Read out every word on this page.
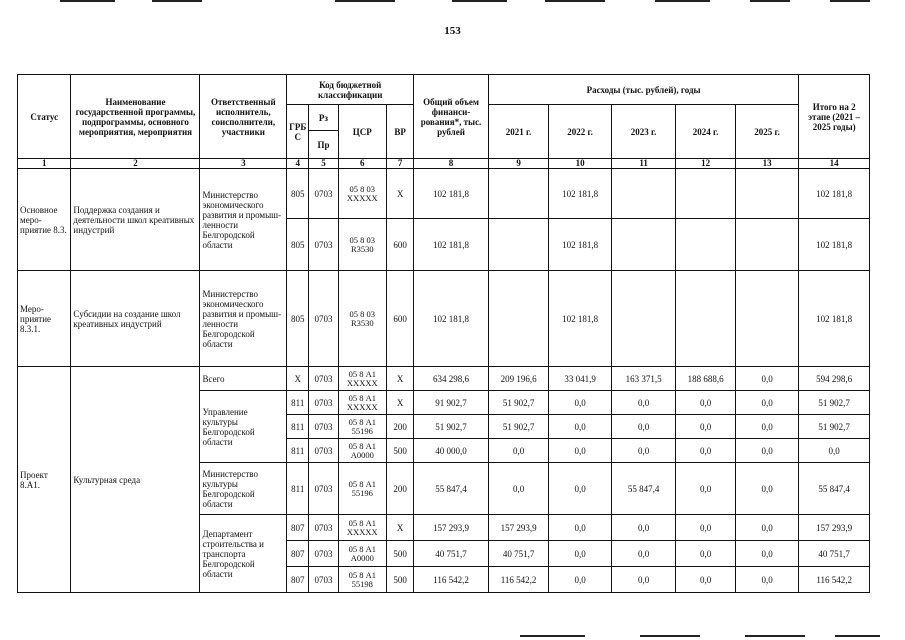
153
Статус	Наименование государственной программы, подпрограммы, основного мероприятия, мероприятия	Ответственный исполнитель, соисполнители, участники	Код бюджетной классификации				Общий объем финанси- рования*, тыс. рублей	Расходы (тыс. рублей), годы					Итого на 2 этапе (2021 – 2025 годы)
			ГРБ С	Рз	ЦСР	ВР		2021 г.	2022 г.	2023 г.	2024 г.	2025 г.	
				Пр									
1	2	3	4	5	6	7	8	9	10	11	12	13	14
Основное меро- приятие 8.3.	Поддержка создания и деятельности школ креативных индустрий	Министерство экономического развития и промыш- ленности Белгородской области	805	0703	05 8 03 XXXXX	X	102 181,8		102 181,8				102 181,8
			805	0703	05 8 03 R3530	600	102 181,8		102 181,8				102 181,8
Меро- приятие 8.3.1.	Субсидии на создание школ креативных индустрий	Министерство экономического развития и промыш- ленности Белгородской области	805	0703	05 8 03 R3530	600	102 181,8		102 181,8				102 181,8
Проект 8.А1.	Культурная среда	Всего	X	0703	05 8 А1 XXXXX	X	634 298,6	209 196,6	33 041,9	163 371,5	188 688,6	0,0	594 298,6
		Управление культуры Белгородской области	811	0703	05 8 А1 XXXXX	X	91 902,7	51 902,7	0,0	0,0	0,0	0,0	51 902,7
			811	0703	05 8 А1 55196	200	51 902,7	51 902,7	0,0	0,0	0,0	0,0	51 902,7
			811	0703	05 8 А1 А0000	500	40 000,0	0,0	0,0	0,0	0,0	0,0	0,0
		Министерство культуры Белгородской области	811	0703	05 8 А1 55196	200	55 847,4	0,0	0,0	55 847,4	0,0	0,0	55 847,4
		Департамент строительства и транспорта Белгородской области	807	0703	05 8 А1 XXXXX	X	157 293,9	157 293,9	0,0	0,0	0,0	0,0	157 293,9
			807	0703	05 8 А1 А0000	500	40 751,7	40 751,7	0,0	0,0	0,0	0,0	40 751,7
			807	0703	05 8 А1 55198	500	116 542,2	116 542,2	0,0	0,0	0,0	0,0	116 542,2
